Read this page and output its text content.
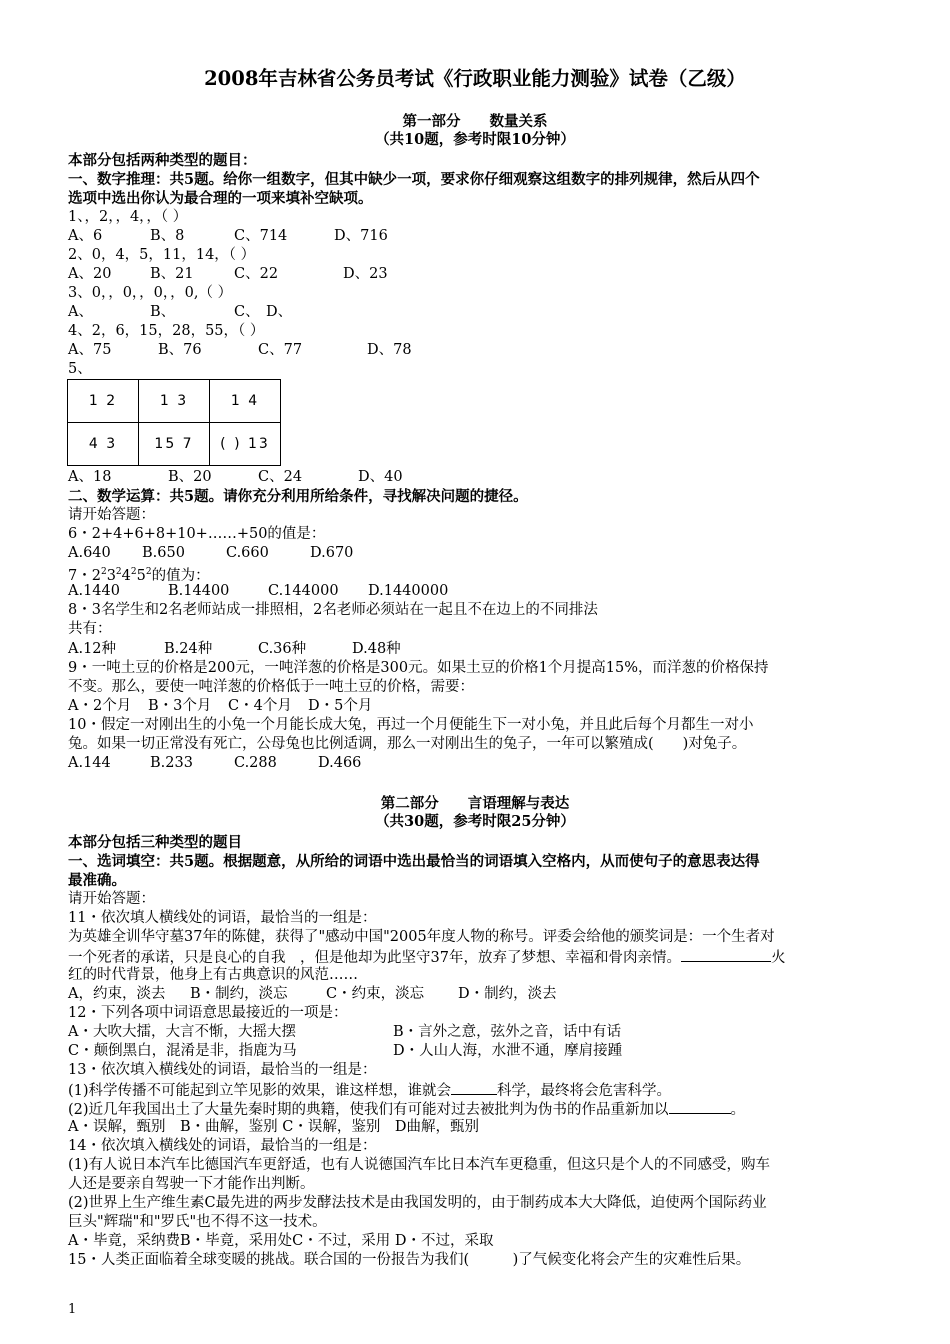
2008年吉林省公务员考试《行政职业能力测验》试卷（乙级）
第一部分　　数量关系
（共10题，参考时限10分钟）
本部分包括两种类型的题目：
一、数字推理：共5题。给你一组数字，但其中缺少一项，要求你仔细观察这组数字的排列规律，然后从四个
选项中选出你认为最合理的一项来填补空缺项。
1、，2，，4，，（ ）
A、6	B、8	C、714	D、716
2、0，4，5，11，14，（ ）
A、20	B、21	C、22	D、23
3、0，，0，，0，，0,（ ）
A、	B、	C、 D、
4、2，6，15，28，55，（ ）
A、75	B、76	C、77	D、78
5、
1 2	1 3	1 4
4 3	15 7	( ) 13
A、18	B、20	C、24	D、40
二、数学运算：共5题。请你充分利用所给条件，寻找解决问题的捷径。
请开始答题：
6・2+4+6+8+10+……+50的值是：
A.640 B.650	C.660	D.670
7・$2^23^24^25^2$的值为：
A.1440	B.14400	C.144000 D.1440000
8・3名学生和2名老师站成一排照相，2名老师必须站在一起且不在边上的不同排法
共有：
A.12种	B.24种	C.36种	D.48种
9・一吨土豆的价格是200元，一吨洋葱的价格是300元。如果土豆的价格1个月提高15%，而洋葱的价格保持
不变。那么，要使一吨洋葱的价格低于一吨土豆的价格，需要：
A・2个月 B・3个月 C・4个月 D・5个月
10・假定一对刚出生的小兔一个月能长成大兔，再过一个月便能生下一对小兔，并且此后每个月都生一对小
兔。如果一切正常没有死亡，公母兔也比例适调，那么一对刚出生的兔子，一年可以繁殖成(　　)对兔子。
A.144	B.233	C.288	D.466
第二部分　　言语理解与表达
（共30题，参考时限25分钟）
本部分包括三种类型的题目
一、选词填空：共5题。根据题意，从所给的词语中选出最恰当的词语填入空格内，从而使句子的意思表达得
最准确。
请开始答题：
11・依次填人横线处的词语，最恰当的一组是：
为英雄全训华守墓37年的陈健，获得了"感动中国"2005年度人物的称号。评委会给他的颁奖词是：一个生者对
一个死者的承诺，只是良心的自我　，但是他却为此坚守37年，放弃了梦想、幸福和骨肉亲情。	火
红的时代背景，他身上有古典意识的风范……
A，约束，淡去 B・制约，淡忘	C・约束，淡忘 D・制约，淡去
12・下列各项中词语意思最接近的一项是：
A・大吹大擂，大言不惭，大摇大摆	B・言外之意，弦外之音，话中有话
C・颠倒黑白，混淆是非，指鹿为马	D・人山人海，水泄不通，摩肩接踵
13・依次填入横线处的词语，最恰当的一组是：
(1)科学传播不可能起到立竿见影的效果，谁这样想，谁就会	科学，最终将会危害科学。
(2)近几年我国出土了大量先秦时期的典籍，使我们有可能对过去被批判为伪书的作品重新加以	。
A・误解，甄别　B・曲解，鉴别 C・误解，鉴别　D曲解，甄别
14・依次填入横线处的词语，最恰当的一组是：
(1)有人说日本汽车比德国汽车更舒适，也有人说德国汽车比日本汽车更稳重，但这只是个人的不同感受，购车
人还是要亲自驾驶一下才能作出判断。
(2)世界上生产维生素C最先进的两步发酵法技术是由我国发明的，由于制药成本大大降低，迫使两个国际药业
巨头"辉瑞"和"罗氏"也不得不这一技术。
A・毕竟，采纳费B・毕竟，采用处C・不过，采用 D・不过，采取
15・人类正面临着全球变暖的挑战。联合国的一份报告为我们(　　　)了气候变化将会产生的灾难性后果。
1
